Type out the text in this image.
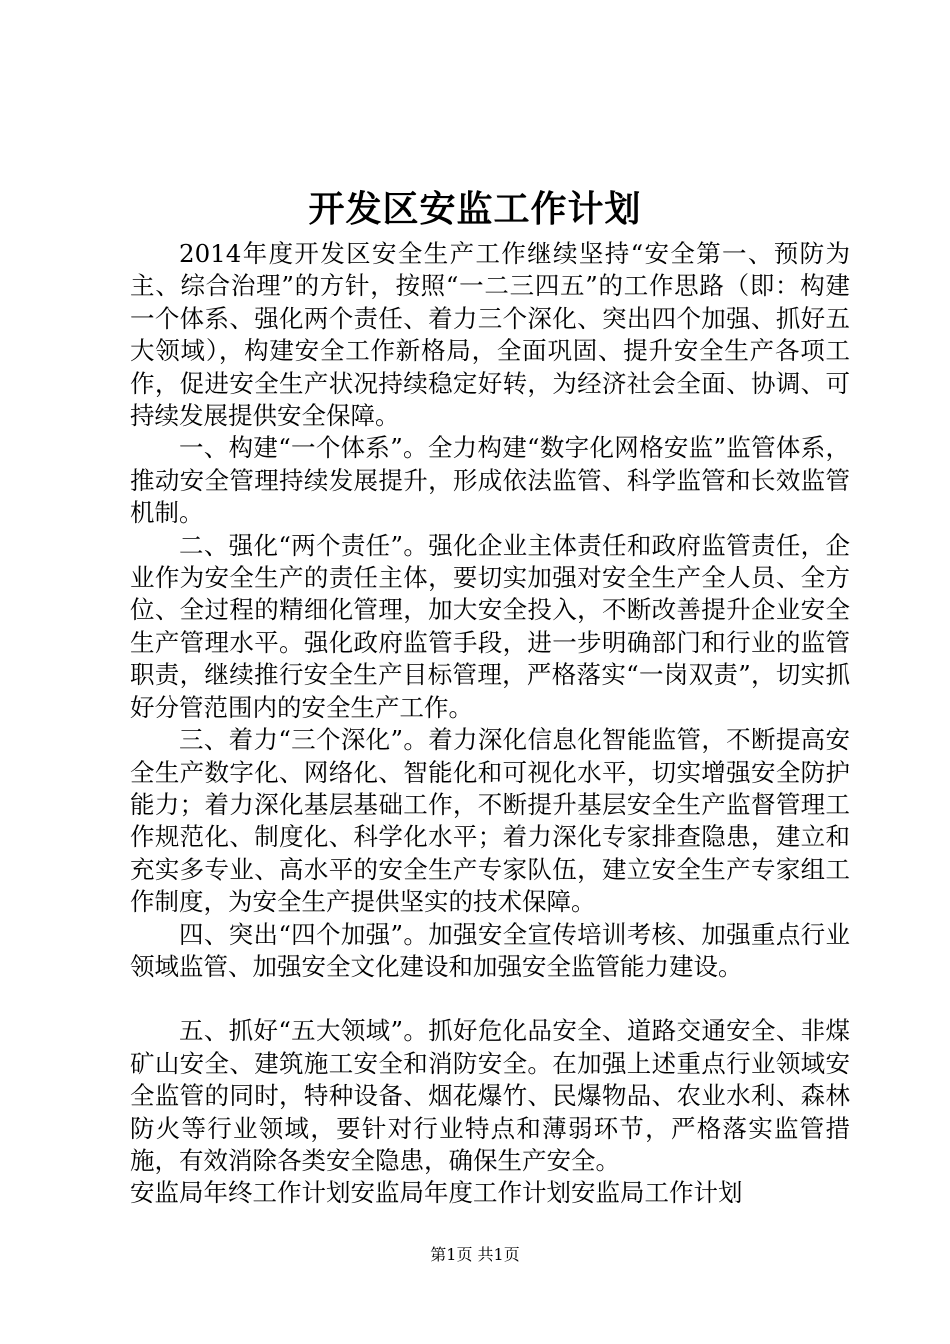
开发区安监工作计划

2014年度开发区安全生产工作继续坚持“安全第一、预防为主、综合治理”的方针，按照“一二三四五”的工作思路（即：构建一个体系、强化两个责任、着力三个深化、突出四个加强、抓好五大领域），构建安全工作新格局，全面巩固、提升安全生产各项工作，促进安全生产状况持续稳定好转，为经济社会全面、协调、可持续发展提供安全保障。

一、构建“一个体系”。全力构建“数字化网格安监”监管体系，推动安全管理持续发展提升，形成依法监管、科学监管和长效监管机制。

二、强化“两个责任”。强化企业主体责任和政府监管责任，企业作为安全生产的责任主体，要切实加强对安全生产全人员、全方位、全过程的精细化管理，加大安全投入，不断改善提升企业安全生产管理水平。强化政府监管手段，进一步明确部门和行业的监管职责，继续推行安全生产目标管理，严格落实“一岗双责”，切实抓好分管范围内的安全生产工作。

三、着力“三个深化”。着力深化信息化智能监管，不断提高安全生产数字化、网络化、智能化和可视化水平，切实增强安全防护能力；着力深化基层基础工作，不断提升基层安全生产监督管理工作规范化、制度化、科学化水平；着力深化专家排查隐患，建立和充实多专业、高水平的安全生产专家队伍，建立安全生产专家组工作制度，为安全生产提供坚实的技术保障。

四、突出“四个加强”。加强安全宣传培训考核、加强重点行业领域监管、加强安全文化建设和加强安全监管能力建设。

五、抓好“五大领域”。抓好危化品安全、道路交通安全、非煤矿山安全、建筑施工安全和消防安全。在加强上述重点行业领域安全监管的同时，特种设备、烟花爆竹、民爆物品、农业水利、森林防火等行业领域，要针对行业特点和薄弱环节，严格落实监管措施，有效消除各类安全隐患，确保生产安全。

安监局年终工作计划安监局年度工作计划安监局工作计划

第1页 共1页
